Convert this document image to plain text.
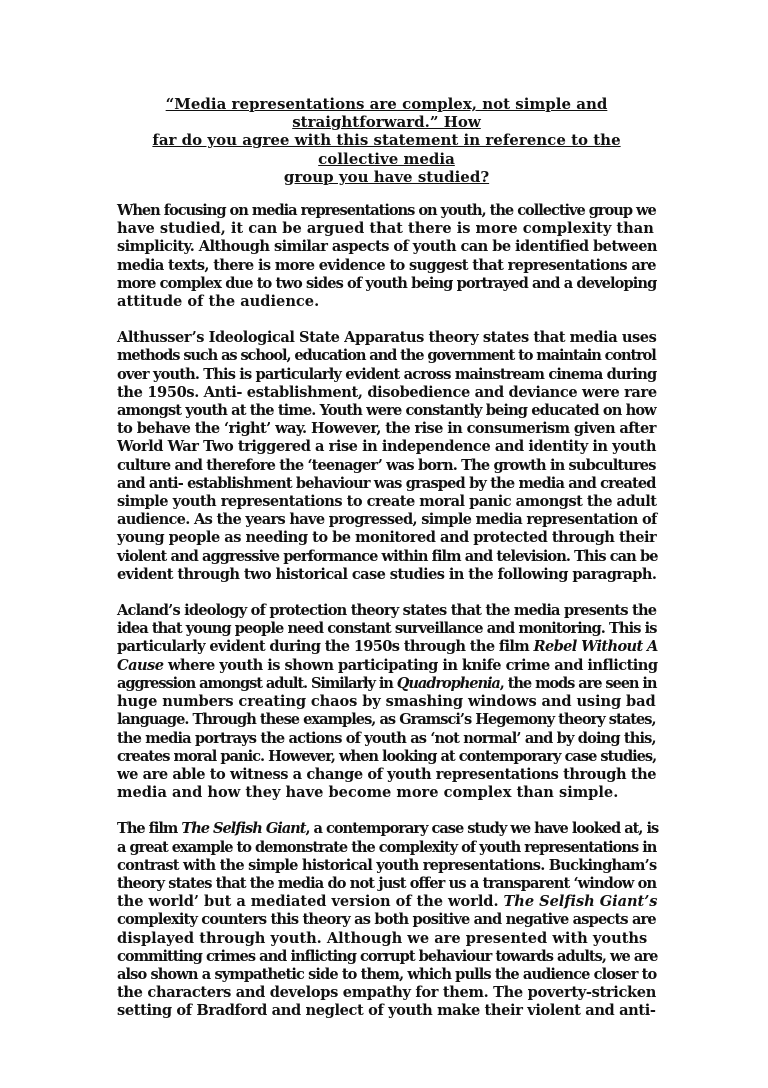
“Media representations are complex, not simple and straightforward.” How
far do you agree with this statement in reference to the collective media
group you have studied?
When focusing on media representations on youth, the collective group we
have studied, it can be argued that there is more complexity than
simplicity. Although similar aspects of youth can be identified between
media texts, there is more evidence to suggest that representations are
more complex due to two sides of youth being portrayed and a developing
attitude of the audience.
Althusser’s Ideological State Apparatus theory states that media uses
methods such as school, education and the government to maintain control
over youth. This is particularly evident across mainstream cinema during
the 1950s. Anti- establishment, disobedience and deviance were rare
amongst youth at the time. Youth were constantly being educated on how
to behave the ‘right’ way. However, the rise in consumerism given after
World War Two triggered a rise in independence and identity in youth
culture and therefore the ‘teenager’ was born. The growth in subcultures
and anti- establishment behaviour was grasped by the media and created
simple youth representations to create moral panic amongst the adult
audience. As the years have progressed, simple media representation of
young people as needing to be monitored and protected through their
violent and aggressive performance within film and television. This can be
evident through two historical case studies in the following paragraph.
Acland’s ideology of protection theory states that the media presents the
idea that young people need constant surveillance and monitoring. This is
particularly evident during the 1950s through the film Rebel Without A
Cause where youth is shown participating in knife crime and inflicting
aggression amongst adult. Similarly in Quadrophenia, the mods are seen in
huge numbers creating chaos by smashing windows and using bad
language. Through these examples, as Gramsci’s Hegemony theory states,
the media portrays the actions of youth as ‘not normal’ and by doing this,
creates moral panic. However, when looking at contemporary case studies,
we are able to witness a change of youth representations through the
media and how they have become more complex than simple.
The film The Selfish Giant, a contemporary case study we have looked at, is
a great example to demonstrate the complexity of youth representations in
contrast with the simple historical youth representations. Buckingham’s
theory states that the media do not just offer us a transparent ‘window on
the world’ but a mediated version of the world. The Selfish Giant’s
complexity counters this theory as both positive and negative aspects are
displayed through youth. Although we are presented with youths
committing crimes and inflicting corrupt behaviour towards adults, we are
also shown a sympathetic side to them, which pulls the audience closer to
the characters and develops empathy for them. The poverty-stricken
setting of Bradford and neglect of youth make their violent and anti-
